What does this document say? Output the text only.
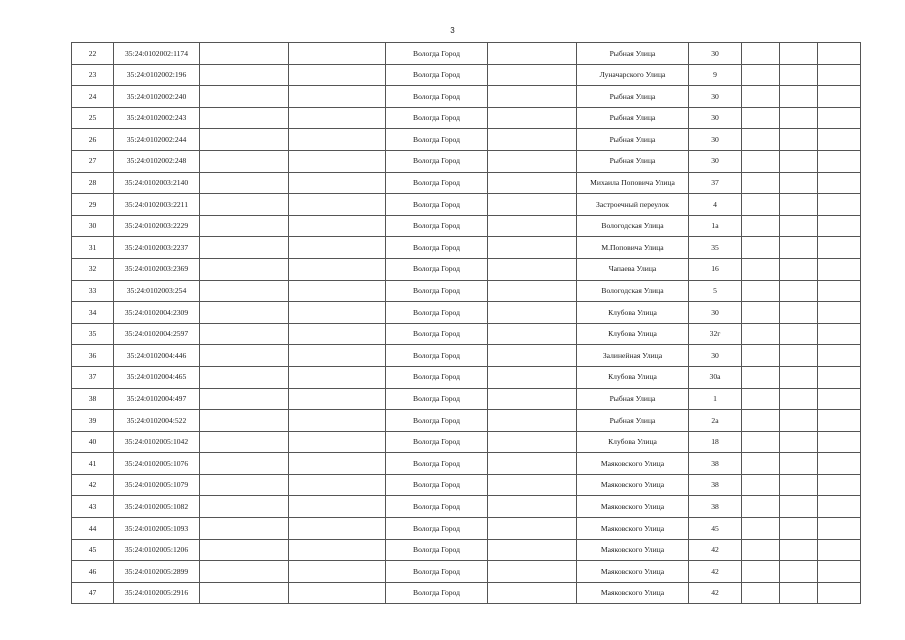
3
22	35:24:0102002:1174			Вологда Город		Рыбная Улица	30			
23	35:24:0102002:196			Вологда Город		Луначарского Улица	9			
24	35:24:0102002:240			Вологда Город		Рыбная Улица	30			
25	35:24:0102002:243			Вологда Город		Рыбная Улица	30			
26	35:24:0102002:244			Вологда Город		Рыбная Улица	30			
27	35:24:0102002:248			Вологда Город		Рыбная Улица	30			
28	35:24:0102003:2140			Вологда Город		Михаила Поповича Улица	37			
29	35:24:0102003:2211			Вологда Город		Застроечный переулок	4			
30	35:24:0102003:2229			Вологда Город		Вологодская Улица	1а			
31	35:24:0102003:2237			Вологда Город		М.Поповича Улица	35			
32	35:24:0102003:2369			Вологда Город		Чапаева Улица	16			
33	35:24:0102003:254			Вологда Город		Вологодская Улица	5			
34	35:24:0102004:2309			Вологда Город		Клубова Улица	30			
35	35:24:0102004:2597			Вологда Город		Клубова Улица	32г			
36	35:24:0102004:446			Вологда Город		Залинейная Улица	30			
37	35:24:0102004:465			Вологда Город		Клубова Улица	30а			
38	35:24:0102004:497			Вологда Город		Рыбная Улица	1			
39	35:24:0102004:522			Вологда Город		Рыбная Улица	2а			
40	35:24:0102005:1042			Вологда Город		Клубова Улица	18			
41	35:24:0102005:1076			Вологда Город		Маяковского Улица	38			
42	35:24:0102005:1079			Вологда Город		Маяковского Улица	38			
43	35:24:0102005:1082			Вологда Город		Маяковского Улица	38			
44	35:24:0102005:1093			Вологда Город		Маяковского Улица	45			
45	35:24:0102005:1206			Вологда Город		Маяковского Улица	42			
46	35:24:0102005:2899			Вологда Город		Маяковского Улица	42			
47	35:24:0102005:2916			Вологда Город		Маяковского Улица	42			
